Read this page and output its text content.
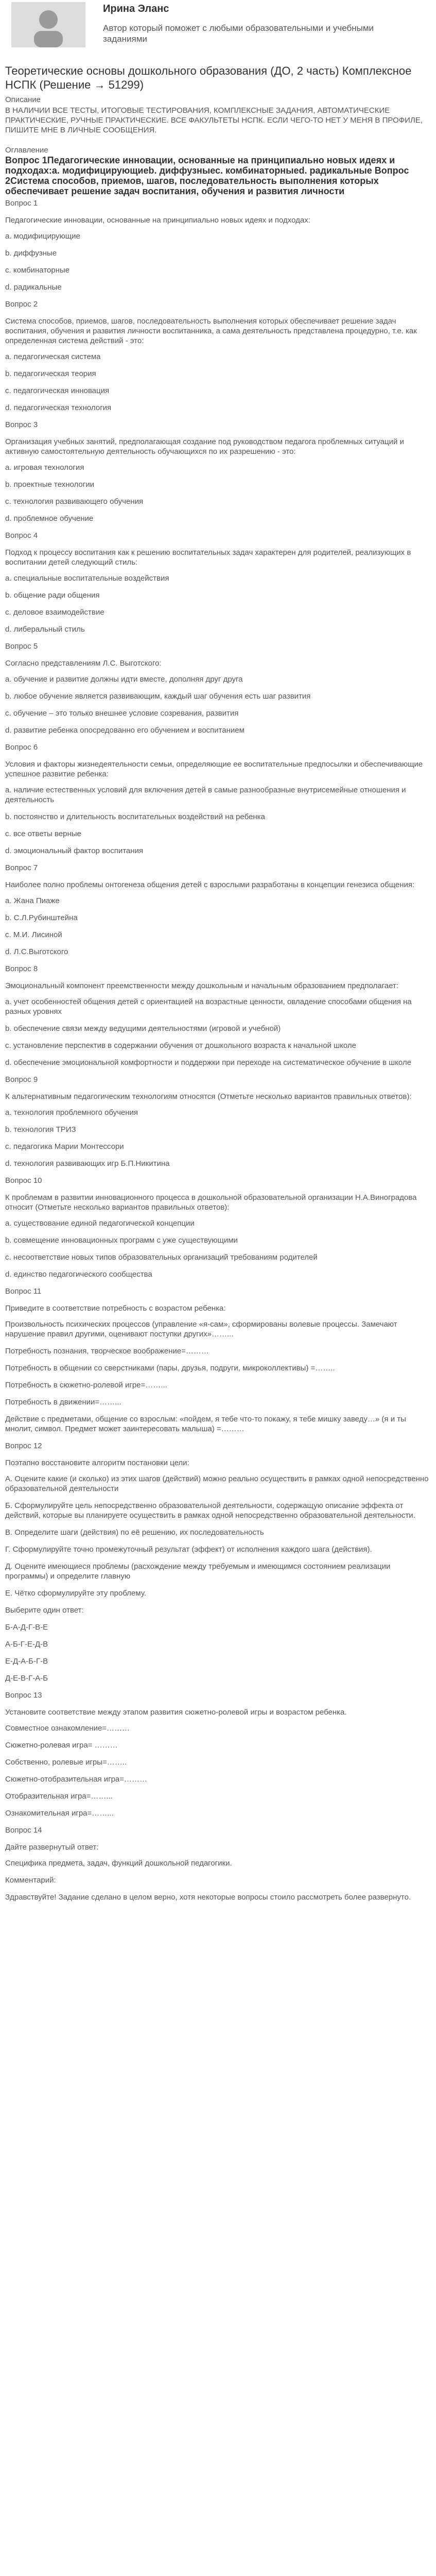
Ирина Эланс
Автор который поможет с любыми образовательными и учебными заданиями
Теоретические основы дошкольного образования (ДО, 2 часть) Комплексное НСПК (Решение → 51299)

Описание

В НАЛИЧИИ ВСЕ ТЕСТЫ, ИТОГОВЫЕ ТЕСТИРОВАНИЯ, КОМПЛЕКСНЫЕ ЗАДАНИЯ, АВТОМАТИЧЕСКИЕ ПРАКТИЧЕСКИЕ, РУЧНЫЕ ПРАКТИЧЕСКИЕ. ВСЕ ФАКУЛЬТЕТЫ НСПК. ЕСЛИ ЧЕГО-ТО НЕТ У МЕНЯ В ПРОФИЛЕ, ПИШИТЕ МНЕ В ЛИЧНЫЕ СООБЩЕНИЯ.

Оглавление

Вопрос 1Педагогические инновации, основанные на принципиально новых идеях и подходах:a. модифицирующиеb. диффузныес. комбинаторныеd. радикальные Вопрос 2Система способов, приемов, шагов, последовательность выполнения которых обеспечивает решение задач воспитания, обучения и развития личности

Вопрос 1

Педагогические инновации, основанные на принципиально новых идеях и подходах:

a. модифицирующие

b. диффузные

с. комбинаторные

d. радикальные

Вопрос 2

Система способов, приемов, шагов, последовательность выполнения которых обеспечивает решение задач воспитания, обучения и развития личности воспитанника, а сама деятельность представлена процедурно, т.е. как определенная система действий - это:

a. педагогическая система

b. педагогическая теория

с. педагогическая инновация

d. педагогическая технология

Вопрос 3

Организация учебных занятий, предполагающая создание под руководством педагога проблемных ситуаций и активную самостоятельную деятельность обучающихся по их разрешению - это:

a. игровая технология

b. проектные технологии

с. технология развивающего обучения

d. проблемное обучение

Вопрос 4

Подход к процессу воспитания как к решению воспитательных задач характерен для родителей, реализующих в воспитании детей следующий стиль:

a. специальные воспитательные воздействия

b. общение ради общения

с. деловое взаимодействие

d. либеральный стиль

Вопрос 5

Согласно представлениям Л.С. Выготского:

a. обучение и развитие должны идти вместе, дополняя друг друга

b. любое обучение является развивающим, каждый шаг обучения есть шаг развития

с. обучение – это только внешнее условие созревания, развития

d. развитие ребенка опосредованно его обучением и воспитанием

Вопрос 6

Условия и факторы жизнедеятельности семьи, определяющие ее воспитательные предпосылки и обеспечивающие успешное развитие ребенка:

a. наличие естественных условий для включения детей в самые разнообразные внутрисемейные отношения и деятельность

b. постоянство и длительность воспитательных воздействий на ребенка

с. все ответы верные

d. эмоциональный фактор воспитания

Вопрос 7

Наиболее полно проблемы онтогенеза общения детей с взрослыми разработаны в концепции генезиса общения:

a. Жана Пиаже

b. С.Л.Рубинштейна

с. М.И. Лисиной

d. Л.С.Выготского

Вопрос 8

Эмоциональный компонент преемственности между дошкольным и начальным образованием предполагает:

a. учет особенностей общения детей с ориентацией на возрастные ценности, овладение способами общения на разных уровнях

b. обеспечение связи между ведущими деятельностями (игровой и учебной)

с. установление перспектив в содержании обучения от дошкольного возраста к начальной школе

d. обеспечение эмоциональной комфортности и поддержки при переходе на систематическое обучение в школе

Вопрос 9

К альтернативным педагогическим технологиям относятся (Отметьте несколько вариантов правильных ответов):

a. технология проблемного обучения

b. технология ТРИЗ

с. педагогика Марии Монтессори

d. технология развивающих игр Б.П.Никитина

Вопрос 10

К проблемам в развитии инновационного процесса в дошкольной образовательной организации Н.А.Виноградова относит (Отметьте несколько вариантов правильных ответов):

a. существование единой педагогической концепции

b. совмещение инновационных программ с уже существующими

с. несоответствие новых типов образовательных организаций требованиям родителей

d. единство педагогического сообщества

Вопрос 11

Приведите в соответствие потребность с возрастом ребенка:

Произвольность психических процессов (управление «я-сам», сформированы волевые процессы. Замечают нарушение правил другими, оценивают поступки других»……...

Потребность познания, творческое воображение=………

Потребность в общении со сверстниками (пары, друзья, подруги, микроколлективы) =……..

Потребность в сюжетно-ролевой игре=……...

Потребность в движении=……...

Действие с предметами, общение со взрослым: «пойдем, я тебе что-то покажу, я тебе мишку заведу…» (я и ты мнолит, символ. Предмет может заинтересовать малыша) =………

Вопрос 12

Поэтапно восстановите алгоритм постановки цели:

А. Оцените какие (и сколько) из этих шагов (действий) можно реально осуществить в рамках одной непосредственно образовательной деятельности

Б. Сформулируйте цель непосредственно образовательной деятельности, содержащую описание эффекта от действий, которые вы планируете осуществить в рамках одной непосредственно образовательной деятельности.

В. Определите шаги (действия) по её решению, их последовательность

Г. Сформулируйте точно промежуточный результат (эффект) от исполнения каждого шага (действия).

Д. Оцените имеющиеся проблемы (расхождение между требуемым и имеющимся состоянием реализации программы) и определите главную

Е. Чётко сформулируйте эту проблему.

Выберите один ответ:

Б-А-Д-Г-В-Е

А-Б-Г-Е-Д-В

Е-Д-А-Б-Г-В

Д-Е-В-Г-А-Б

Вопрос 13

Установите соответствие между этапом развития сюжетно-ролевой игры и возрастом ребенка.

Совместное ознакомление=………

Сюжетно-ролевая игра= ………

Собственно, ролевые игры=……..

Сюжетно-отобразительная игра=………

Отобразительная игра=……...

Ознакомительная игра=……...

Вопрос 14

Дайте развернутый ответ:

Специфика предмета, задач, функций дошкольной педагогики.

Комментарий:

Здравствуйте! Задание сделано в целом верно, хотя некоторые вопросы стоило рассмотреть более развернуто.
